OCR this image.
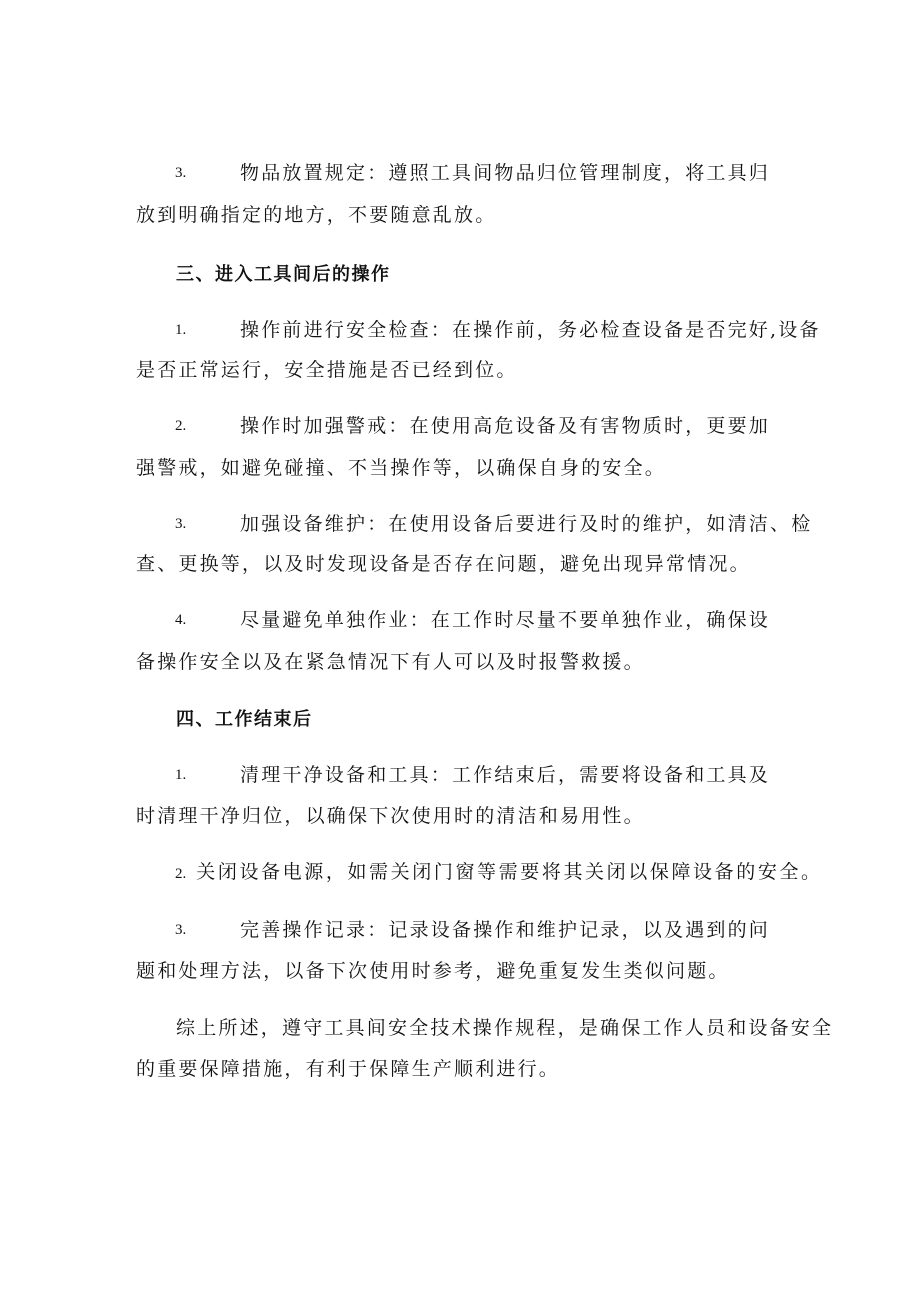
3.	物品放置规定：遵照工具间物品归位管理制度，将工具归
放到明确指定的地方，不要随意乱放。
三、进入工具间后的操作
1.	操作前进行安全检查：在操作前，务必检查设备是否完好,设备
是否正常运行，安全措施是否已经到位。
2.	操作时加强警戒：在使用高危设备及有害物质时，更要加
强警戒，如避免碰撞、不当操作等，以确保自身的安全。
3.	加强设备维护：在使用设备后要进行及时的维护，如清洁、检
查、更换等，以及时发现设备是否存在问题，避免出现异常情况。
4.	尽量避免单独作业：在工作时尽量不要单独作业，确保设
备操作安全以及在紧急情况下有人可以及时报警救援。
四、工作结束后
1.	清理干净设备和工具：工作结束后，需要将设备和工具及
时清理干净归位，以确保下次使用时的清洁和易用性。
2. 关闭设备电源，如需关闭门窗等需要将其关闭以保障设备的安全。
3.	完善操作记录：记录设备操作和维护记录，以及遇到的问
题和处理方法，以备下次使用时参考，避免重复发生类似问题。
综上所述，遵守工具间安全技术操作规程，是确保工作人员和设备安全
的重要保障措施，有利于保障生产顺利进行。
